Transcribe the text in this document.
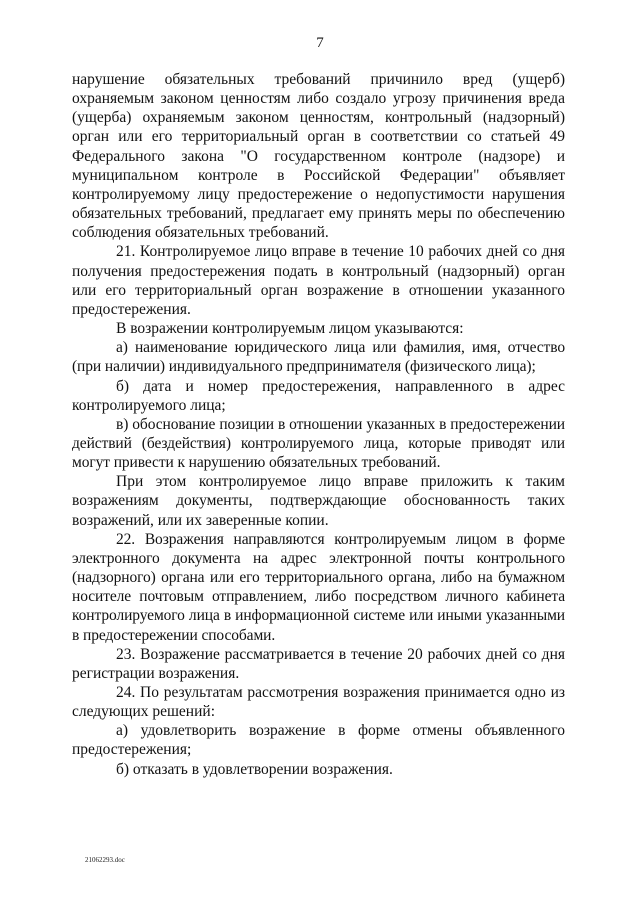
7

нарушение обязательных требований причинило вред (ущерб) охраняемым законом ценностям либо создало угрозу причинения вреда (ущерба) охраняемым законом ценностям, контрольный (надзорный) орган или его территориальный орган в соответствии со статьей 49 Федерального закона "О государственном контроле (надзоре) и муниципальном контроле в Российской Федерации" объявляет контролируемому лицу предостережение о недопустимости нарушения обязательных требований, предлагает ему принять меры по обеспечению соблюдения обязательных требований.

21. Контролируемое лицо вправе в течение 10 рабочих дней со дня получения предостережения подать в контрольный (надзорный) орган или его территориальный орган возражение в отношении указанного предостережения.

В возражении контролируемым лицом указываются:

а) наименование юридического лица или фамилия, имя, отчество (при наличии) индивидуального предпринимателя (физического лица);

б) дата и номер предостережения, направленного в адрес контролируемого лица;

в) обоснование позиции в отношении указанных в предостережении действий (бездействия) контролируемого лица, которые приводят или могут привести к нарушению обязательных требований.

При этом контролируемое лицо вправе приложить к таким возражениям документы, подтверждающие обоснованность таких возражений, или их заверенные копии.

22. Возражения направляются контролируемым лицом в форме электронного документа на адрес электронной почты контрольного (надзорного) органа или его территориального органа, либо на бумажном носителе почтовым отправлением, либо посредством личного кабинета контролируемого лица в информационной системе или иными указанными в предостережении способами.

23. Возражение рассматривается в течение 20 рабочих дней со дня регистрации возражения.

24. По результатам рассмотрения возражения принимается одно из следующих решений:

а) удовлетворить возражение в форме отмены объявленного предостережения;

б) отказать в удовлетворении возражения.

21062293.doc
